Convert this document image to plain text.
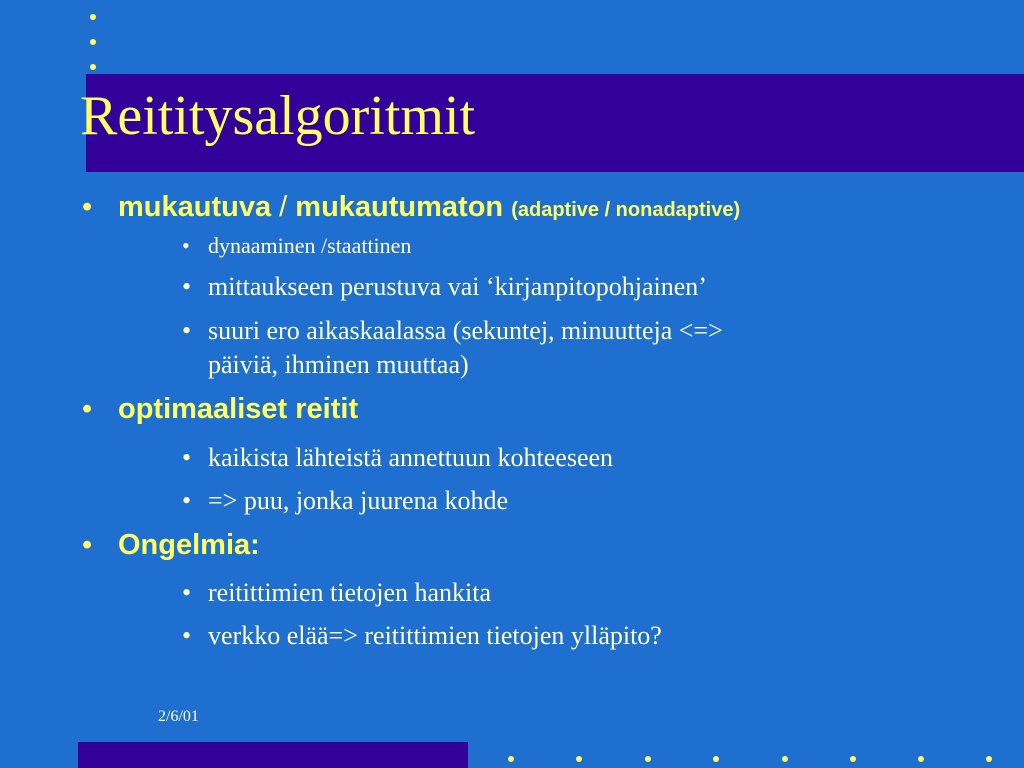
Reititysalgoritmit
• mukautuva / mukautumaton (adaptive / nonadaptive)
• dynaaminen /staattinen
• mittaukseen perustuva vai ‘kirjanpitopohjainen’
• suuri ero aikaskaalassa (sekuntej, minuutteja <=>
päiviä, ihminen muuttaa)
• optimaaliset reitit
• kaikista lähteistä annettuun kohteeseen
• => puu, jonka juurena kohde
• Ongelmia:
• reitittimien tietojen hankita
• verkko elää=> reitittimien tietojen ylläpito?
2/6/01
